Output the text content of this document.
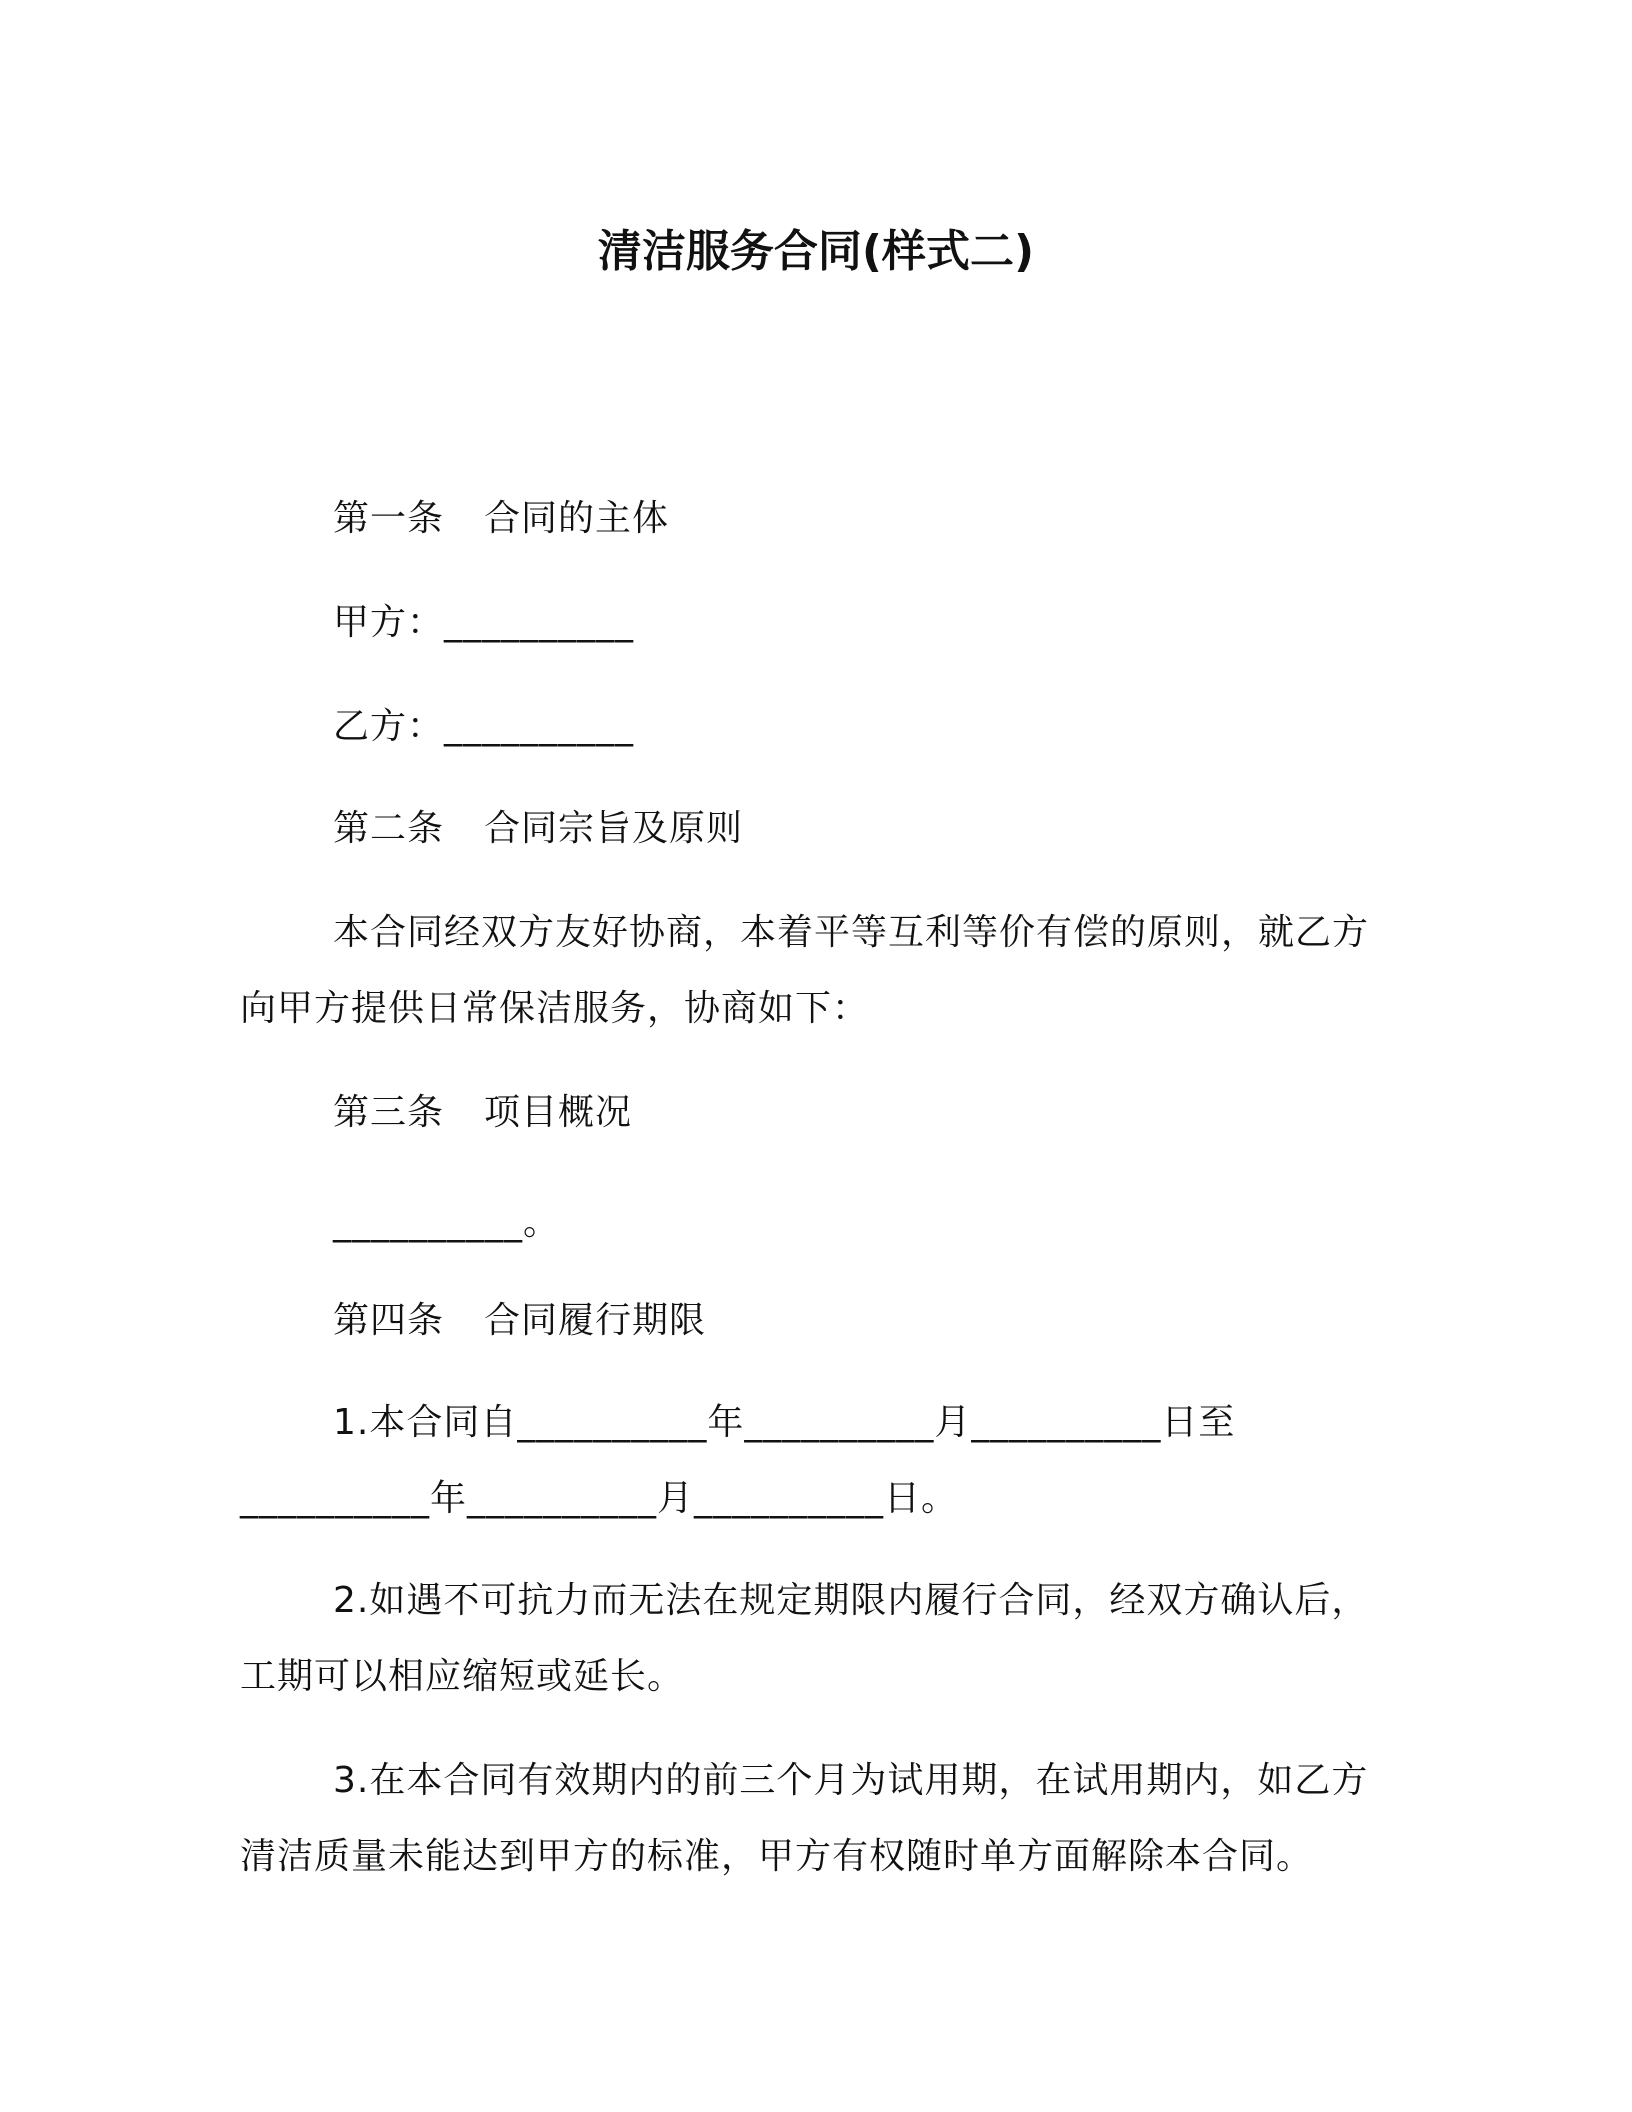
清洁服务合同(样式二)
第一条 合同的主体
甲方：__________
乙方：__________
第二条 合同宗旨及原则
本合同经双方友好协商，本着平等互利等价有偿的原则，就乙方
向甲方提供日常保洁服务，协商如下：
第三条 项目概况
__________。
第四条 合同履行期限
1.本合同自__________年__________月__________日至
__________年__________月__________日。
2.如遇不可抗力而无法在规定期限内履行合同，经双方确认后，
工期可以相应缩短或延长。
3.在本合同有效期内的前三个月为试用期，在试用期内，如乙方
清洁质量未能达到甲方的标准，甲方有权随时单方面解除本合同。
